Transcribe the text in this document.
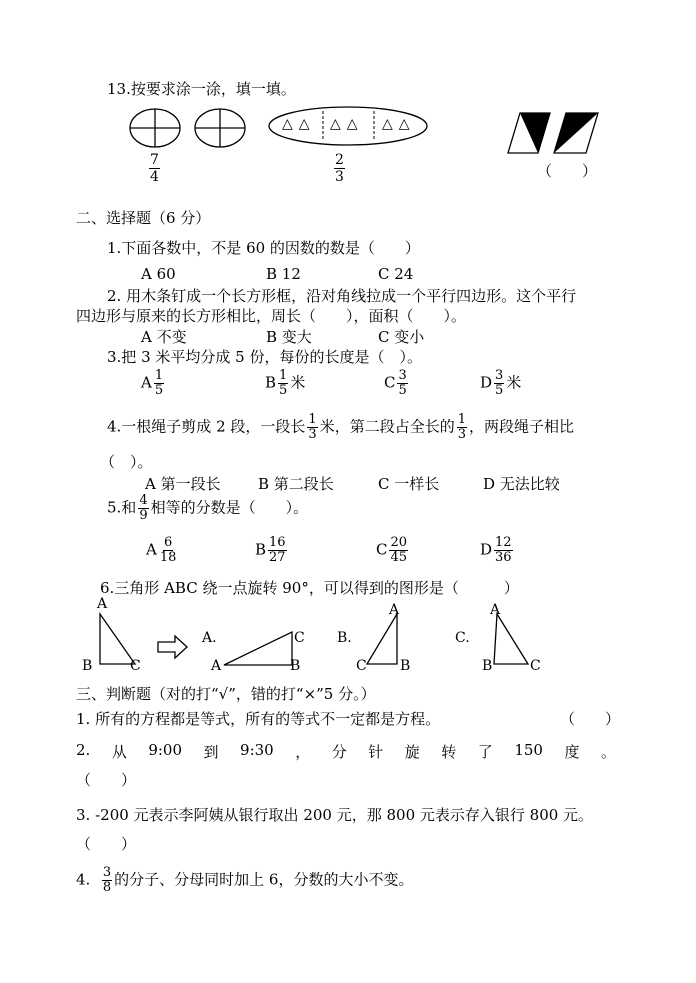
13.按要求涂一涂，填一填。
△△ △△ △△
$\frac{7}{4}$	$\frac{2}{3}$	（　　）
二、选择题（6 分）
1.下面各数中，不是 60 的因数的数是（　　）
A 60	B 12	C 24
2. 用木条钉成一个长方形框，沿对角线拉成一个平行四边形。这个平行
四边形与原来的长方形相比，周长（　　），面积（　　）。
A 不变	B 变大	C 变小
3.把 3 米平均分成 5 份，每份的长度是（　）。
A $\frac{1}{5}$	B $\frac{1}{5}$ 米	C $\frac{3}{5}$	D $\frac{3}{5}$ 米
4.一根绳子剪成 2 段，一段长 $\frac{1}{3}$ 米，第二段占全长的 $\frac{1}{3}$ ，两段绳子相比
（　）。
A 第一段长 B 第二段长	C 一样长	D 无法比较
5.和 $\frac{4}{9}$ 相等的分数是（　　）。
A $\frac{6}{18}$	B $\frac{16}{27}$	C $\frac{20}{45}$	D $\frac{12}{36}$
6.三角形 ABC 绕一点旋转 90°，可以得到的图形是（　　　）
A
B	C
A.	C
A	B
B.
A
C B
C.
A
B	C
三、判断题（对的打“√”，错的打“×”5 分。）
1. 所有的方程都是等式，所有的等式不一定都是方程。	（　　）
2. 从 9:00 到 9:30 ， 分 针 旋 转 了 150 度 。
（　　）
3. -200 元表示李阿姨从银行取出 200 元，那 800 元表示存入银行 800 元。
（　　）
4. $\frac{3}{8}$ 的分子、分母同时加上 6，分数的大小不变。
